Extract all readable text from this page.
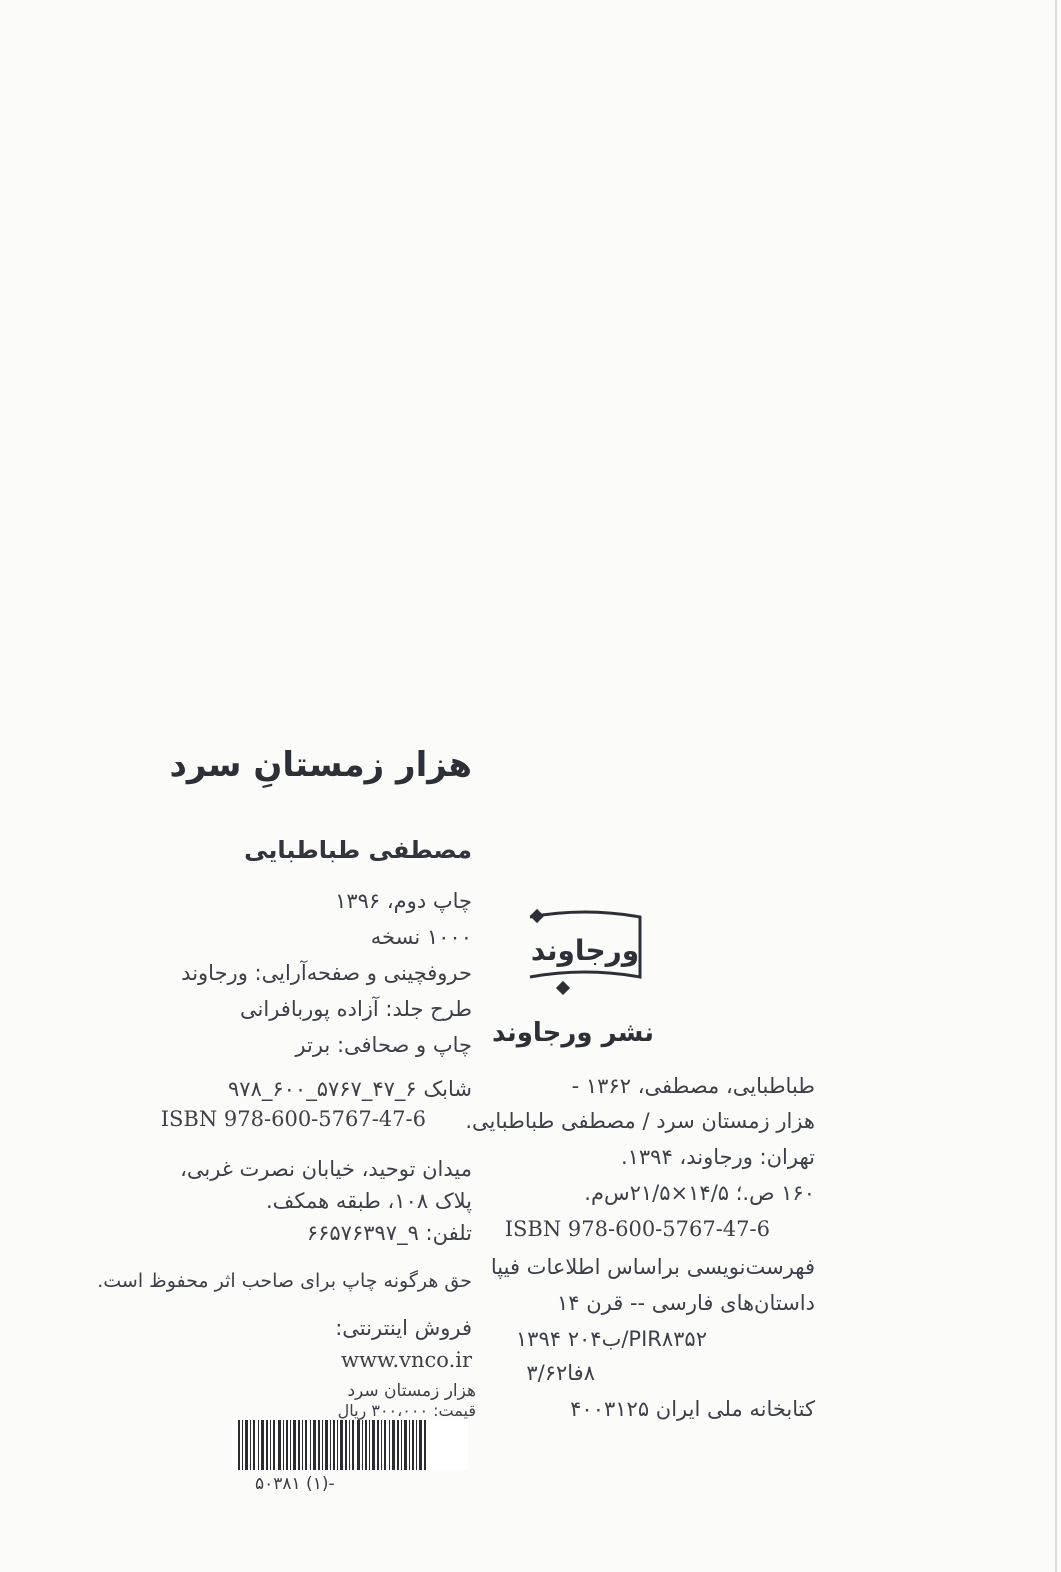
هزار زمستانِ سرد
مصطفی طباطبایی
چاپ دوم، ۱۳۹۶
۱۰۰۰ نسخه
حروفچینی و صفحه‌آرایی: ورجاوند
طرح جلد: آزاده پوربافرانی
چاپ و صحافی: برتر
شابک ۶_۴۷_۵۷۶۷_۶۰۰_۹۷۸
ISBN 978-600-5767-47-6
میدان توحید، خیابان نصرت غربی،
پلاک ۱۰۸، طبقه همکف.
تلفن: ۹_۶۶۵۷۶۳۹۷
حق هرگونه چاپ برای صاحب اثر محفوظ است.
فروش اینترنتی:
www.vnco.ir
ورجاوند
نشر ورجاوند
طباطبایی، مصطفی، ۱۳۶۲ -
هزار زمستان سرد / مصطفی طباطبایی.
تهران: ورجاوند، ۱۳۹۴.
۱۶۰ ص.؛ ۱۴/۵×۲۱/۵س‌م.
ISBN 978-600-5767-47-6
فهرست‌نویسی براساس اطلاعات فیپا
داستان‌های فارسی -- قرن ۱۴
PIR۸۳۵۲/ب۲۰۴ ۱۳۹۴
۸فا۳/۶۲
کتابخانه ملی ایران ۴۰۰۳۱۲۵
هزار زمستان سرد
قیمت: ۳۰۰،۰۰۰ ریال
۵۰۳۸۱ (۱)-
